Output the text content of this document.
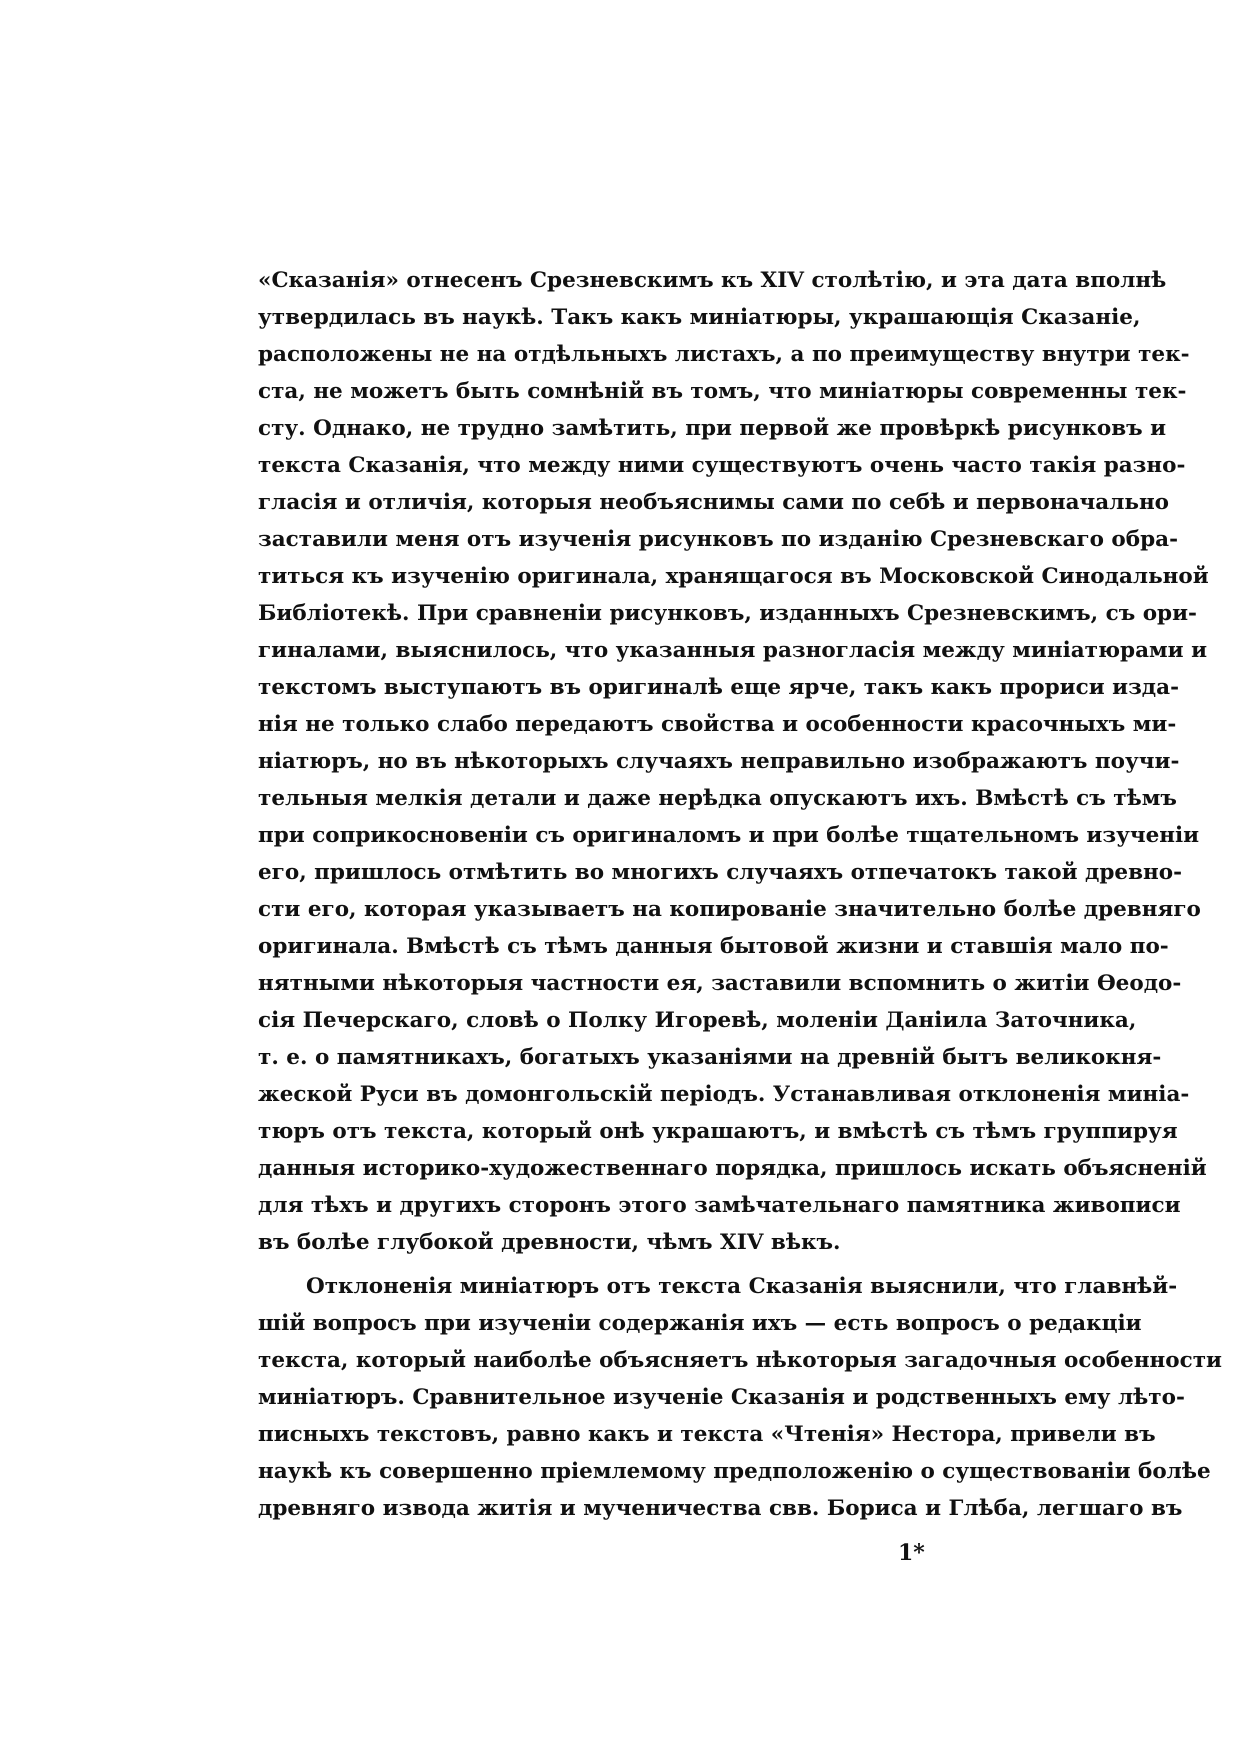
«Сказанія» отнесенъ Срезневскимъ къ XIV столѣтію, и эта дата вполнѣ
утвердилась въ наукѣ. Такъ какъ миніатюры, украшающія Сказаніе,
расположены не на отдѣльныхъ листахъ, а по преимуществу внутри тек-
ста, не можетъ быть сомнѣній въ томъ, что миніатюры современны тек-
сту. Однако, не трудно замѣтить, при первой же провѣркѣ рисунковъ и
текста Сказанія, что между ними существуютъ очень часто такія разно-
гласія и отличія, которыя необъяснимы сами по себѣ и первоначально
заставили меня отъ изученія рисунковъ по изданію Срезневскаго обра-
титься къ изученію оригинала, хранящагося въ Московской Синодальной
Библіотекѣ. При сравненіи рисунковъ, изданныхъ Срезневскимъ, съ ори-
гиналами, выяснилось, что указанныя разногласія между миніатюрами и
текстомъ выступаютъ въ оригиналѣ еще ярче, такъ какъ прориси изда-
нія не только слабо передаютъ свойства и особенности красочныхъ ми-
ніатюръ, но въ нѣкоторыхъ случаяхъ неправильно изображаютъ поучи-
тельныя мелкія детали и даже нерѣдка опускаютъ ихъ. Вмѣстѣ съ тѣмъ
при соприкосновеніи съ оригиналомъ и при болѣе тщательномъ изученіи
его, пришлось отмѣтить во многихъ случаяхъ отпечатокъ такой древно-
сти его, которая указываетъ на копированіе значительно болѣе древняго
оригинала. Вмѣстѣ съ тѣмъ данныя бытовой жизни и ставшія мало по-
нятными нѣкоторыя частности ея, заставили вспомнить о житіи Ѳеодо-
сія Печерскаго, словѣ о Полку Игоревѣ, моленіи Даніила Заточника,
т. е. о памятникахъ, богатыхъ указаніями на древній бытъ великокня-
жеской Руси въ домонгольскій періодъ. Устанавливая отклоненія миніа-
тюръ отъ текста, который онѣ украшаютъ, и вмѣстѣ съ тѣмъ группируя
данныя историко-художественнаго порядка, пришлось искать объясненій
для тѣхъ и другихъ сторонъ этого замѣчательнаго памятника живописи
въ болѣе глубокой древности, чѣмъ XIV вѣкъ.
Отклоненія миніатюръ отъ текста Сказанія выяснили, что главнѣй-
шій вопросъ при изученіи содержанія ихъ — есть вопросъ о редакціи
текста, который наиболѣе объясняетъ нѣкоторыя загадочныя особенности
миніатюръ. Сравнительное изученіе Сказанія и родственныхъ ему лѣто-
писныхъ текстовъ, равно какъ и текста «Чтенія» Нестора, привели въ
наукѣ къ совершенно пріемлемому предположенію о существованіи болѣе
древняго извода житія и мученичества свв. Бориса и Глѣба, легшаго въ
1*
